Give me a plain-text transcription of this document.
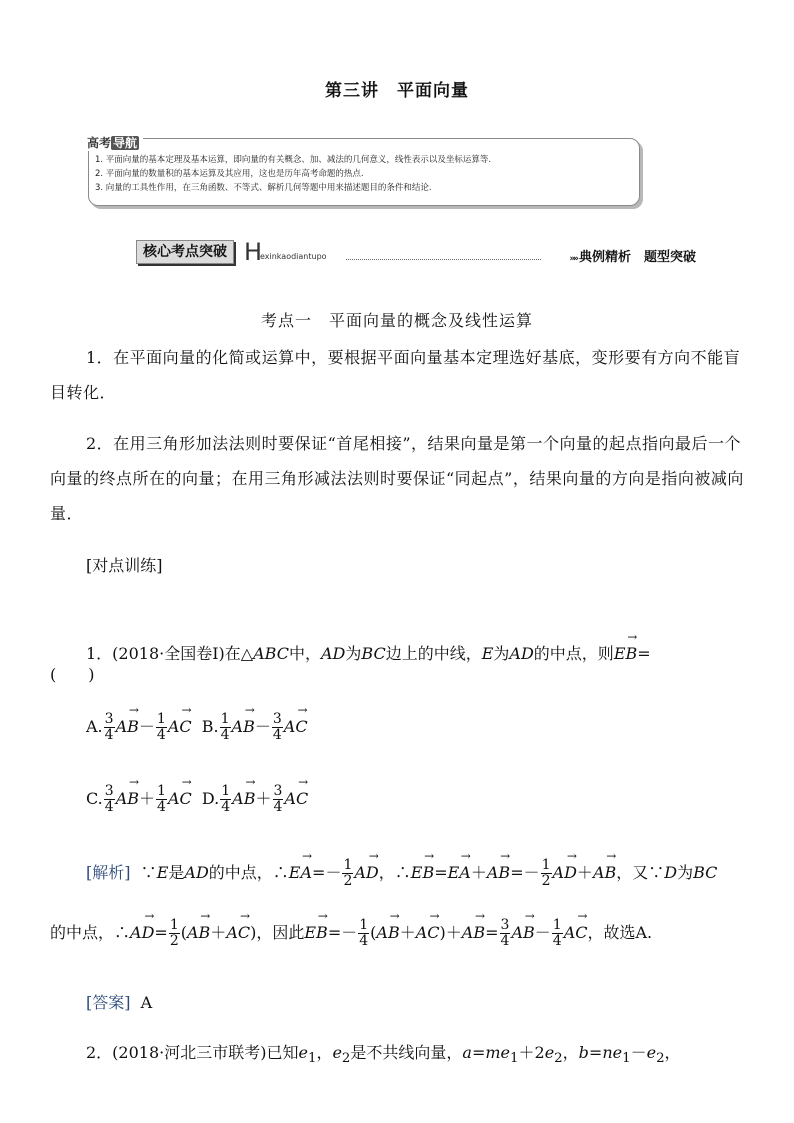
第三讲　平面向量
高考 导航
1. 平面向量的基本定理及基本运算，即向量的有关概念、加、减法的几何意义，线性表示以及坐标运算等.
2. 平面向量的数量积的基本运算及其应用，这也是历年高考命题的热点.
3. 向量的工具性作用，在三角函数、不等式、解析几何等题中用来描述题目的条件和结论.
核心考点突破 H
exinkaodiantupo	»» 典例精析　题型突破
考点一　平面向量的概念及线性运算
1．在平面向量的化简或运算中，要根据平面向量基本定理选好基底，变形要有方向不能盲目转化．
2．在用三角形加法法则时要保证“首尾相接”，结果向量是第一个向量的起点指向最后一个向量的终点所在的向量；在用三角形减法法则时要保证“同起点”，结果向量的方向是指向被减向量．
[对点训练]
1．(2018·全国卷Ⅰ)在△ABC中，AD为BC边上的中线，E为AD的中点，则→ EB=
(　　)
A. $\frac{3}{4}$
→ $AB- \frac{1}{4}$
→ AC B. $\frac{1}{4}$
→ $AB- \frac{3}{4}$
→ AC
C. $\frac{3}{4}$
→ $AB+ \frac{1}{4}$
→ AC D. $\frac{1}{4}$
→ $AB+ \frac{3}{4}$
→ AC
[解析] ∵E是AD的中点，∴→ $EA=- \frac{1}{2}$
→ AD，∴→ $EB=\to EA+\to AB=- \frac{1}{2}$
→ AD＋→ AB，又∵D为BC
的中点，∴→ $AD= \frac{1}{2}$ (→ AB＋→ AC)，因此→ $EB=- \frac{1}{4}$ (→ $AB+\to AC)+\to AB= \frac{3}{4}$
→ $AB- \frac{1}{4}$
→ AC，故选A.
[答案] A
2．(2018·河北三市联考)已知$e_1$，$e_2$是不共线向量，$a=me_1+2e_2$，$b=ne_1-e_2$，
